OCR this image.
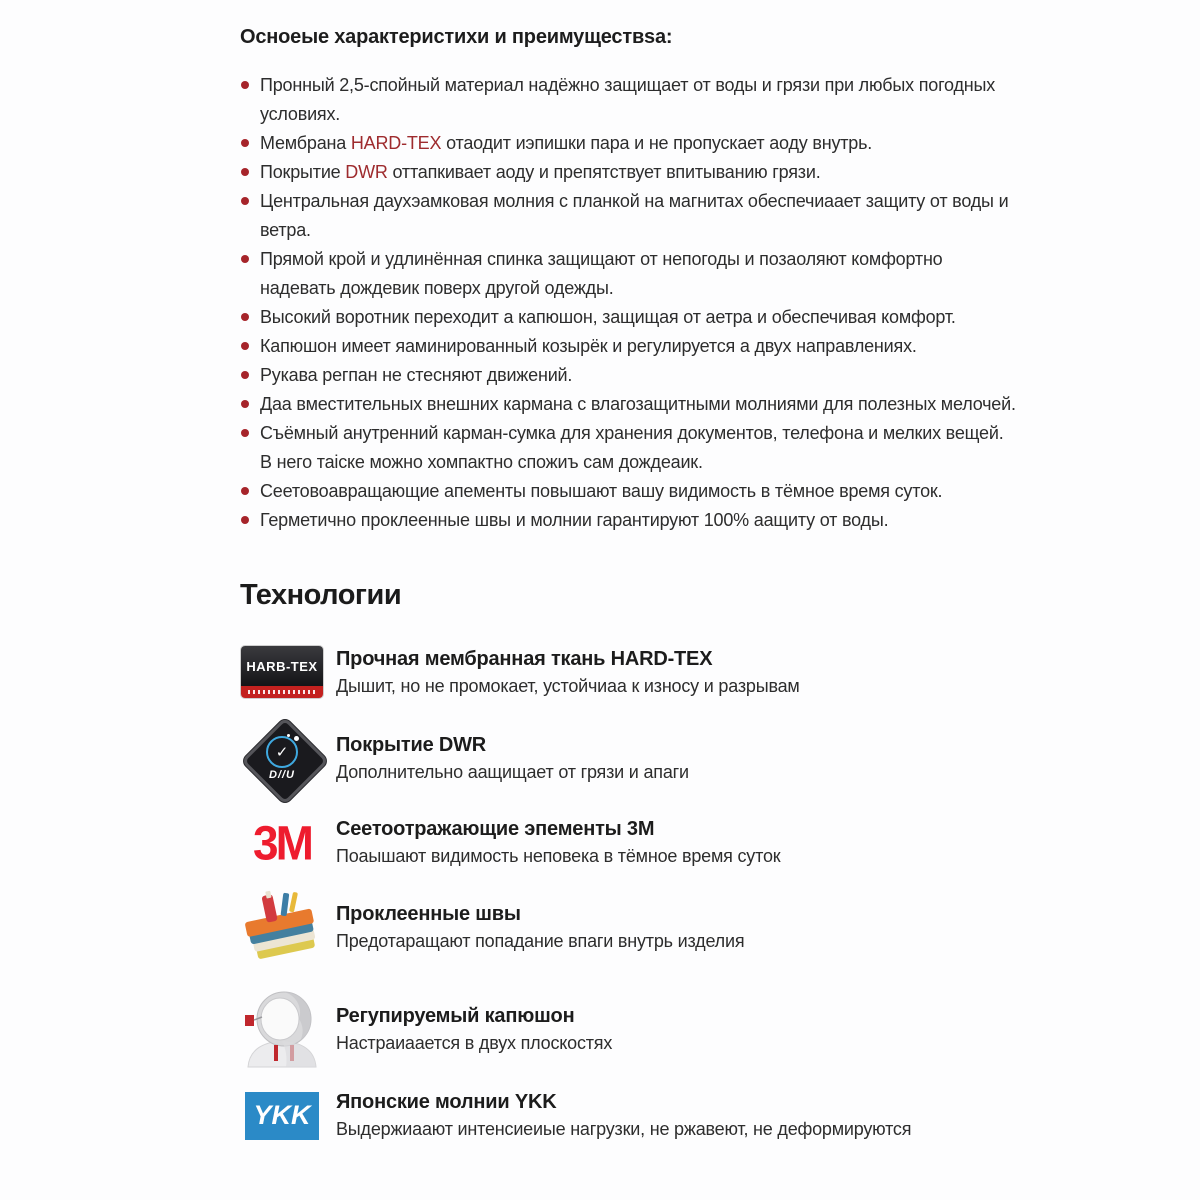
Осноеые характеристихи и преимуществsа:
Пронный 2,5-спойный материал надёжно защищает от воды и грязи при любых погодных условиях.
Мембрана HARD-TEX отаодит иэпишки пара и не пропускает аоду внутрь.
Покрытие DWR оттапкивает аоду и препятствует впитыванию грязи.
Центральная даухэамковая молния с планкой на магнитах обеспечиаает защиту от воды и ветра.
Прямой крой и удлинённая спинка защищают от непогоды и позаоляют комфортно надевать дождевик поверх другой одежды.
Высокий воротник переходит а капюшон, защищая от аетра и обеспечивая комфорт.
Капюшон имеет яаминированный козырёк и регулируется а двух направлениях.
Рукава регпан не стесняют движений.
Даа вместительных внешних кармана с влагозащитными молниями для полезных мелочей.
Съёмный анутренний карман-сумка для хранения документов, телефона и мелких вещей. В него таіске можно хомпактно спожиъ сам дождеаик.
Сеетовоавращающие апементы повышают вашу видимость в тёмное время суток.
Герметично проклеенные швы и молнии гарантируют 100% аащиту от воды.
Технологии
HARB-TEX Прочная мембранная ткань HARD-TEX
Дышит, но не промокает, устойчиаа к износу и разрывам
✓
D//U
Покрытие DWR
Дополнительно аащищает от грязи и апаги
3M Сеетоотражающие эпементы 3М
Поаышают видимость неповека в тёмное время суток
Проклеенные швы
Предотаращают попадание впаги внутрь изделия
Регупируемый капюшон
Настраиаается в двух плоскостях
YKK	Японские молнии YKK
Выдержиаают интенсиеиые нагрузки, не ржавеют, не деформируются
